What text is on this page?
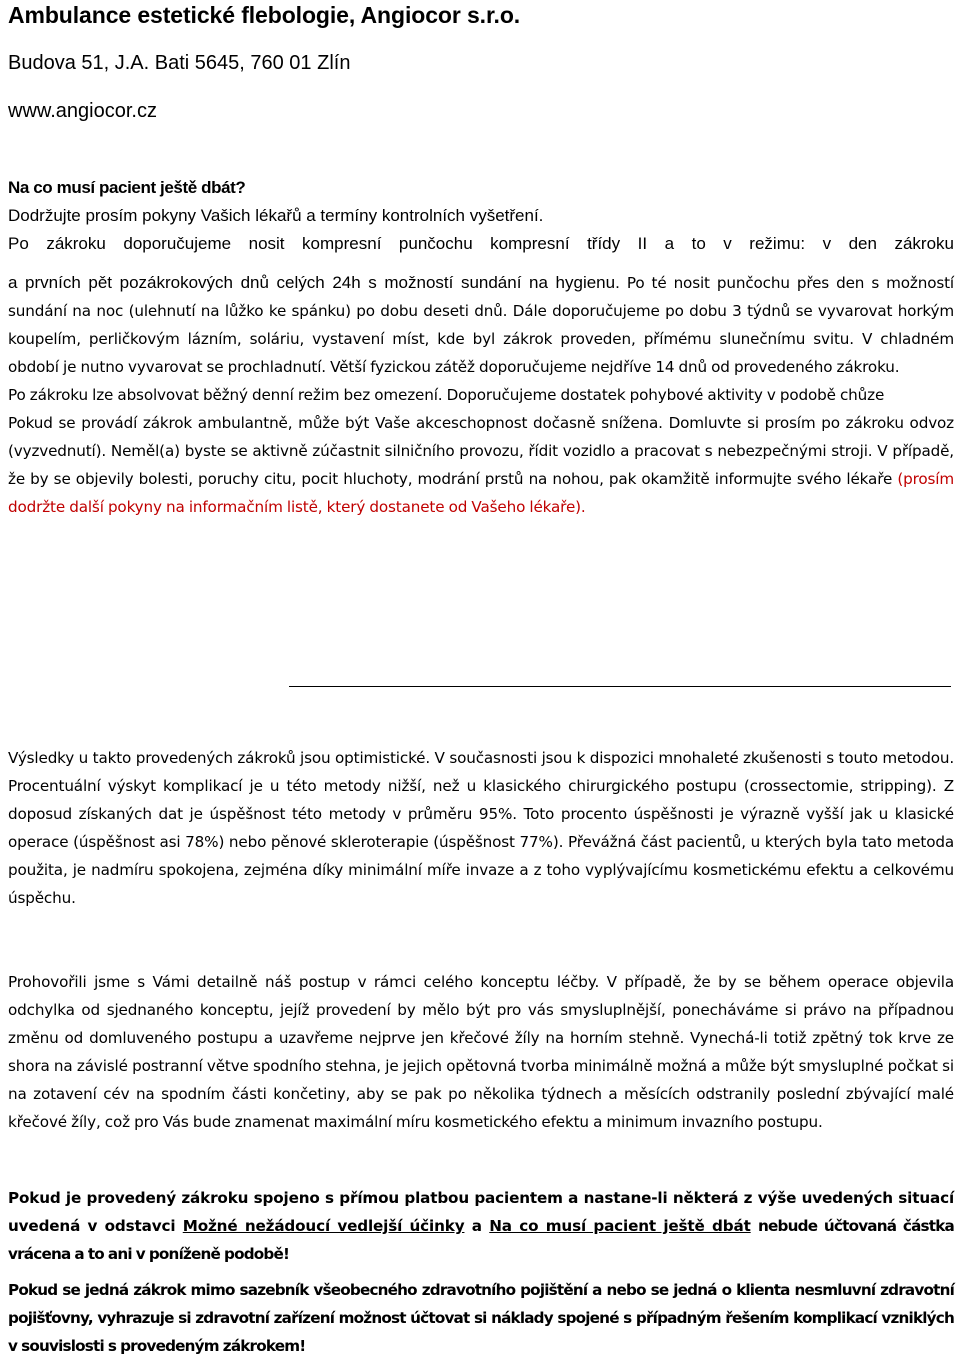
Ambulance estetické flebologie, Angiocor s.r.o.
Budova 51, J.A. Bati 5645, 760 01 Zlín
www.angiocor.cz
Na co musí pacient ještě dbát?
Dodržujte prosím pokyny Vašich lékařů a termíny kontrolních vyšetření.
Po zákroku doporučujeme nosit kompresní punčochu kompresní třídy II a to v režimu: v den zákroku
a prvních pět pozákrokových dnů celých 24h s možností sundání na hygienu. Po té nosit punčochu přes den s možností sundání na noc (ulehnutí na lůžko ke spánku) po dobu deseti dnů. Dále doporučujeme po dobu 3 týdnů se vyvarovat horkým koupelím, perličkovým lázním, soláriu, vystavení míst, kde byl zákrok proveden, přímému slunečnímu svitu. V chladném období je nutno vyvarovat se prochladnutí. Větší fyzickou zátěž doporučujeme nejdříve 14 dnů od provedeného zákroku.
Po zákroku lze absolvovat běžný denní režim bez omezení. Doporučujeme dostatek pohybové aktivity v podobě chůze
Pokud se provádí zákrok ambulantně, může být Vaše akceschopnost dočasně snížena. Domluvte si prosím po zákroku odvoz (vyzvednutí). Neměl(a) byste se aktivně zúčastnit silničního provozu, řídit vozidlo a pracovat s nebezpečnými stroji. V případě, že by se objevily bolesti, poruchy citu, pocit hluchoty, modrání prstů na nohou, pak okamžitě informujte svého lékaře (prosím dodržte další pokyny na informačním listě, který dostanete od Vašeho lékaře).
Výsledky u takto provedených zákroků jsou optimistické. V současnosti jsou k dispozici mnohaleté zkušenosti s touto metodou. Procentuální výskyt komplikací je u této metody nižší, než u klasického chirurgického postupu (crossectomie, stripping). Z doposud získaných dat je úspěšnost této metody v průměru 95%. Toto procento úspěšnosti je výrazně vyšší jak u klasické operace (úspěšnost asi 78%) nebo pěnové skleroterapie (úspěšnost 77%). Převážná část pacientů, u kterých byla tato metoda použita, je nadmíru spokojena, zejména díky minimální míře invaze a z toho vyplývajícímu kosmetickému efektu a celkovému úspěchu.
Prohovořili jsme s Vámi detailně náš postup v rámci celého konceptu léčby. V případě, že by se během operace objevila odchylka od sjednaného konceptu, jejíž provedení by mělo být pro vás smysluplnější, ponecháváme si právo na případnou změnu od domluveného postupu a uzavřeme nejprve jen křečové žíly na horním stehně. Vynechá-li totiž zpětný tok krve ze shora na závislé postranní větve spodního stehna, je jejich opětovná tvorba minimálně možná a může být smysluplné počkat si na zotavení cév na spodním části končetiny, aby se pak po několika týdnech a měsících odstranily poslední zbývající malé křečové žíly, což pro Vás bude znamenat maximální míru kosmetického efektu a minimum invazního postupu.
Pokud je provedený zákroku spojeno s přímou platbou pacientem a nastane-li některá z výše uvedených situací uvedená v odstavci Možné nežádoucí vedlejší účinky a Na co musí pacient ještě dbát nebude účtovaná částka vrácena a to ani v poníženě podobě!
Pokud se jedná zákrok mimo sazebník všeobecného zdravotního pojištění a nebo se jedná o klienta nesmluvní zdravotní pojišťovny, vyhrazuje si zdravotní zařízení možnost účtovat si náklady spojené s případným řešením komplikací vzniklých v souvislosti s provedeným zákrokem!
